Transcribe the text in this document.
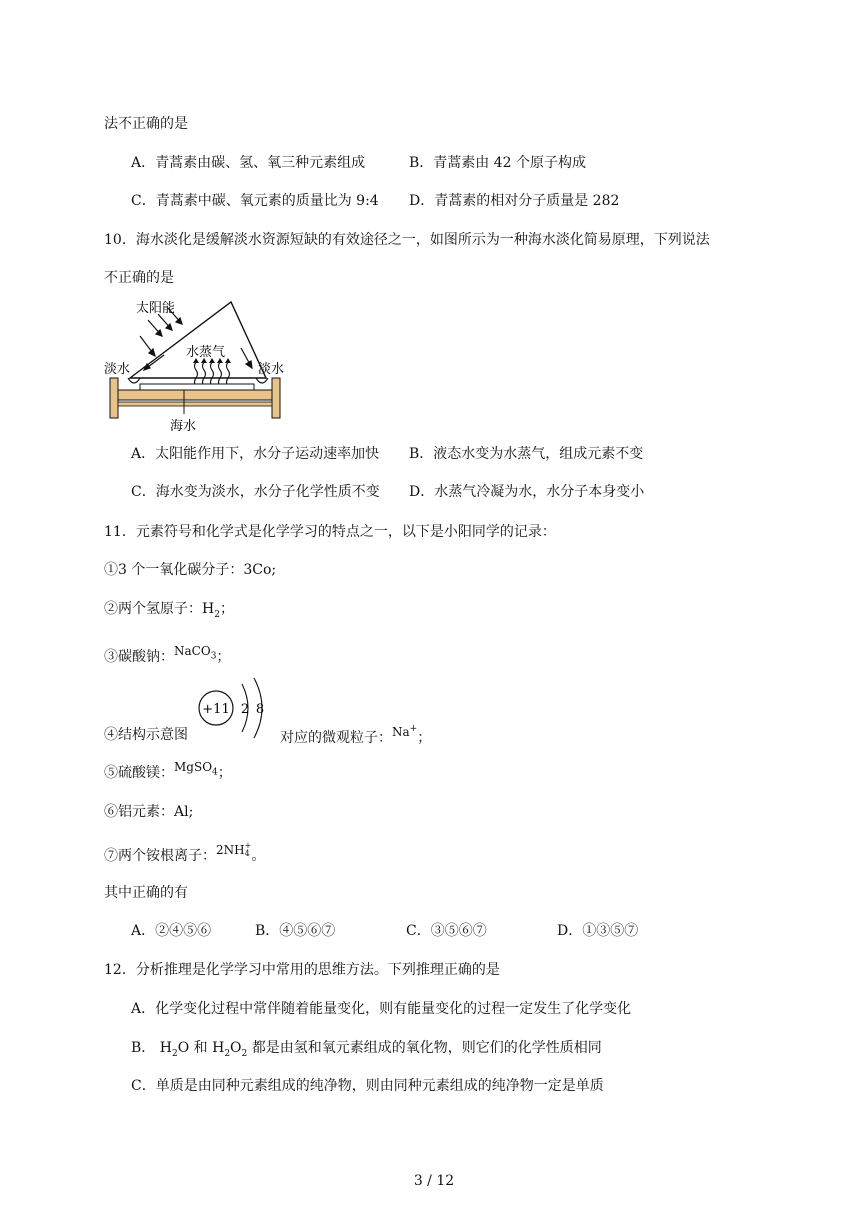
法不正确的是
A．青蒿素由碳、氢、氧三种元素组成	B．青蒿素由 42 个原子构成
C．青蒿素中碳、氧元素的质量比为 9:4 D．青蒿素的相对分子质量是 282
10．海水淡化是缓解淡水资源短缺的有效途径之一，如图所示为一种海水淡化简易原理，下列说法
不正确的是
太阳能
水蒸气
淡水	淡水
海水
A．太阳能作用下，水分子运动速率加快 B．液态水变为水蒸气，组成元素不变
C．海水变为淡水，水分子化学性质不变 D．水蒸气冷凝为水，水分子本身变小
11．元素符号和化学式是化学学习的特点之一，以下是小阳同学的记录：
①3 个一氧化碳分子：3Co;
②两个氢原子：$H_2$；
③碳酸钠：NaCO$_3$；
+11 2 8
④结构示意图	对应的微观粒子：Na+；
⑤硫酸镁：MgSO$_4$；
⑥铝元素：Al;
⑦两个铵根离子：2NH +
4 。
其中正确的有
A．②④⑤⑥	B．④⑤⑥⑦	C．③⑤⑥⑦	D．①③⑤⑦
12．分析推理是化学学习中常用的思维方法。下列推理正确的是
A．化学变化过程中常伴随着能量变化，则有能量变化的过程一定发生了化学变化
B． $H_2O$ 和 $H_2O_2$ 都是由氢和氧元素组成的氧化物，则它们的化学性质相同
C．单质是由同种元素组成的纯净物，则由同种元素组成的纯净物一定是单质
3 / 12
